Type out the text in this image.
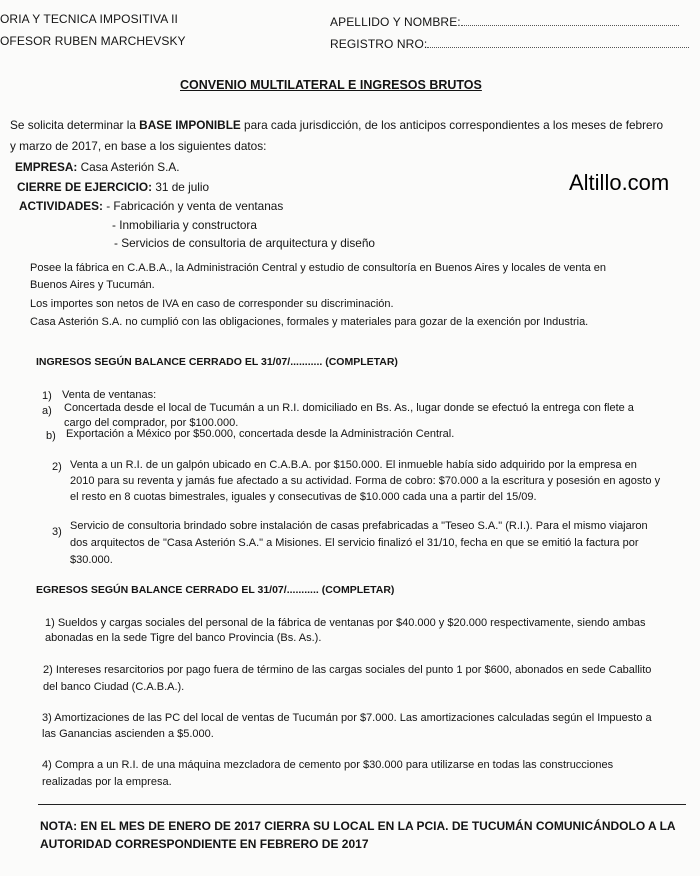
ORIA Y TECNICA IMPOSITIVA II
OFESOR RUBEN MARCHEVSKY
APELLIDO Y NOMBRE:
REGISTRO NRO:
CONVENIO MULTILATERAL E INGRESOS BRUTOS
Se solicita determinar la BASE IMPONIBLE para cada jurisdicción, de los anticipos correspondientes a los meses de febrero
y marzo de 2017, en base a los siguientes datos:
EMPRESA: Casa Asterión S.A.
CIERRE DE EJERCICIO: 31 de julio
ACTIVIDADES: - Fabricación y venta de ventanas
- Inmobiliaria y constructora
- Servicios de consultoria de arquitectura y diseño
Altillo.com
Posee la fábrica en C.A.B.A., la Administración Central y estudio de consultoría en Buenos Aires y locales de venta en
Buenos Aires y Tucumán.
Los importes son netos de IVA en caso de corresponder su discriminación.
Casa Asterión S.A. no cumplió con las obligaciones, formales y materiales para gozar de la exención por Industria.
INGRESOS SEGÚN BALANCE CERRADO EL 31/07/........... (COMPLETAR)
1) Venta de ventanas:
a) Concertada desde el local de Tucumán a un R.I. domiciliado en Bs. As., lugar donde se efectuó la entrega con flete a
cargo del comprador, por $100.000.
b) Exportación a México por $50.000, concertada desde la Administración Central.
2) Venta a un R.I. de un galpón ubicado en C.A.B.A. por $150.000. El inmueble había sido adquirido por la empresa en
2010 para su reventa y jamás fue afectado a su actividad. Forma de cobro: $70.000 a la escritura y posesión en agosto y
el resto en 8 cuotas bimestrales, iguales y consecutivas de $10.000 cada una a partir del 15/09.
3) Servicio de consultoria brindado sobre instalación de casas prefabricadas a "Teseo S.A." (R.I.). Para el mismo viajaron
dos arquitectos de "Casa Asterión S.A." a Misiones. El servicio finalizó el 31/10, fecha en que se emitió la factura por
$30.000.
EGRESOS SEGÚN BALANCE CERRADO EL 31/07/........... (COMPLETAR)
1) Sueldos y cargas sociales del personal de la fábrica de ventanas por $40.000 y $20.000 respectivamente, siendo ambas
abonadas en la sede Tigre del banco Provincia (Bs. As.).
2) Intereses resarcitorios por pago fuera de término de las cargas sociales del punto 1 por $600, abonados en sede Caballito
del banco Ciudad (C.A.B.A.).
3) Amortizaciones de las PC del local de ventas de Tucumán por $7.000. Las amortizaciones calculadas según el Impuesto a
las Ganancias ascienden a $5.000.
4) Compra a un R.I. de una máquina mezcladora de cemento por $30.000 para utilizarse en todas las construcciones
realizadas por la empresa.
NOTA: EN EL MES DE ENERO DE 2017 CIERRA SU LOCAL EN LA PCIA. DE TUCUMÁN COMUNICÁNDOLO A LA
AUTORIDAD CORRESPONDIENTE EN FEBRERO DE 2017
